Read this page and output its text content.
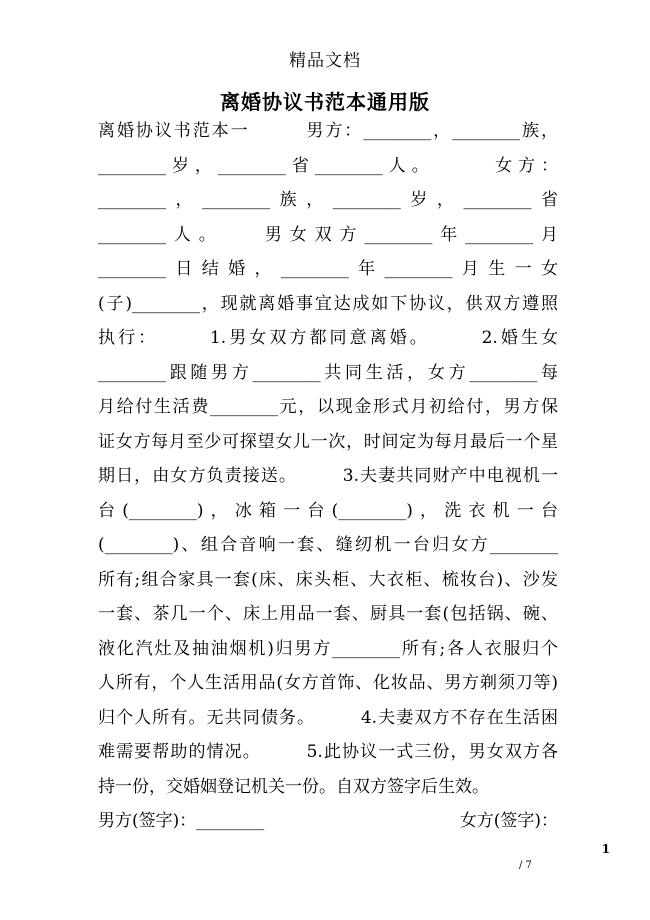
精品文档
离婚协议书范本通用版
离婚协议书范本一　　　男方：________，________族，
________岁，________省________人。　　　女方：
________，________族，________岁，________省
________人。　　男女双方________年________月
________日结婚，________年________月生一女
(子)________，现就离婚事宜达成如下协议，供双方遵照
执行：　　　1.男女双方都同意离婚。　　　2.婚生女
________跟随男方________共同生活，女方________每
月给付生活费________元，以现金形式月初给付，男方保
证女方每月至少可探望女儿一次，时间定为每月最后一个星
期日，由女方负责接送。　　　3.夫妻共同财产中电视机一
台(________)，冰箱一台(________)，洗衣机一台
(________)、组合音响一套、缝纫机一台归女方________
所有;组合家具一套(床、床头柜、大衣柜、梳妆台)、沙发
一套、茶几一个、床上用品一套、厨具一套(包括锅、碗、
液化汽灶及抽油烟机)归男方________所有;各人衣服归个
人所有，个人生活用品(女方首饰、化妆品、男方剃须刀等)
归个人所有。无共同债务。　　　4.夫妻双方不存在生活困
难需要帮助的情况。　　　5.此协议一式三份，男女双方各
持一份，交婚姻登记机关一份。自双方签字后生效。
男方(签字)：________	女方(签字)：
1
/ 7
